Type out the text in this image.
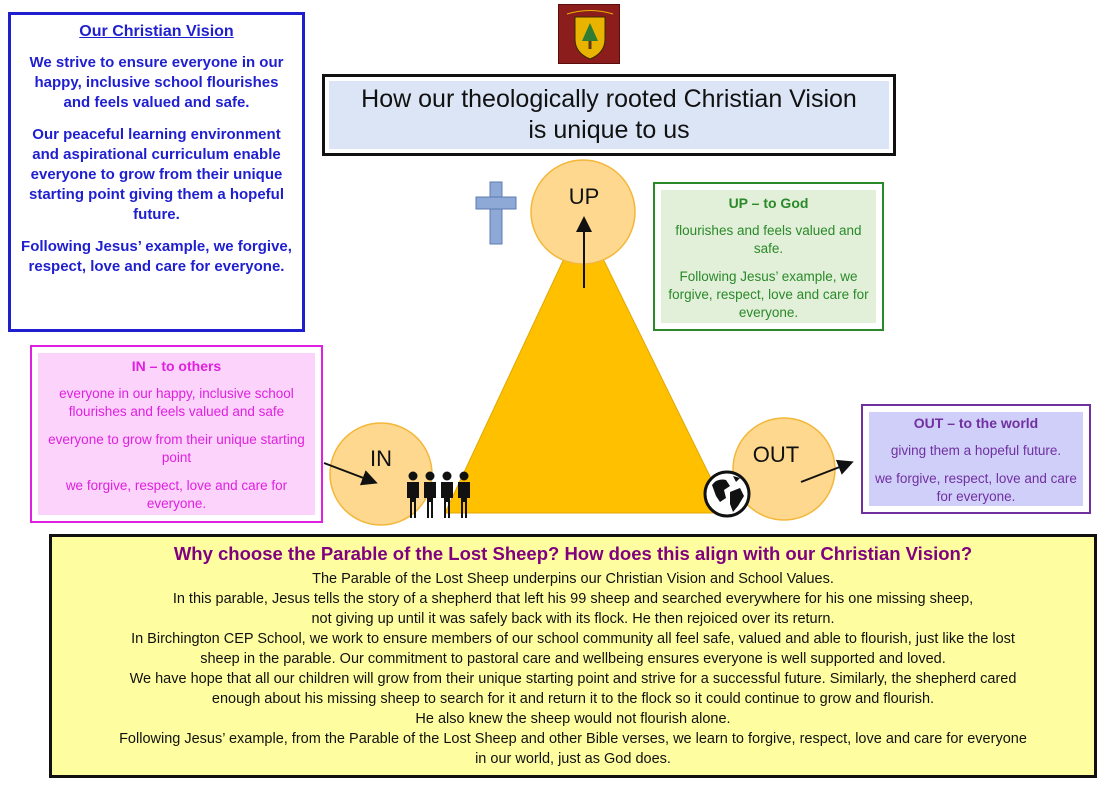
Our Christian Vision

We strive to ensure everyone in our happy, inclusive school flourishes and feels valued and safe.

Our peaceful learning environment and aspirational curriculum enable everyone to grow from their unique starting point giving them a hopeful future.

Following Jesus’ example, we forgive, respect, love and care for everyone.

How our theologically rooted Christian Vision
is unique to us
UP
IN	OUT
UP – to God

flourishes and feels valued and safe.

Following Jesus’ example, we forgive, respect, love and care for everyone.

IN – to others

everyone in our happy, inclusive school flourishes and feels valued and safe

everyone to grow from their unique starting point

we forgive, respect, love and care for everyone.

OUT – to the world

giving them a hopeful future.

we forgive, respect, love and care for everyone.

Why choose the Parable of the Lost Sheep? How does this align with our Christian Vision?
The Parable of the Lost Sheep underpins our Christian Vision and School Values.
In this parable, Jesus tells the story of a shepherd that left his 99 sheep and searched everywhere for his one missing sheep,
not giving up until it was safely back with its flock. He then rejoiced over its return.
In Birchington CEP School, we work to ensure members of our school community all feel safe, valued and able to flourish, just like the lost
sheep in the parable. Our commitment to pastoral care and wellbeing ensures everyone is well supported and loved.
We have hope that all our children will grow from their unique starting point and strive for a successful future. Similarly, the shepherd cared
enough about his missing sheep to search for it and return it to the flock so it could continue to grow and flourish.
He also knew the sheep would not flourish alone.
Following Jesus’ example, from the Parable of the Lost Sheep and other Bible verses, we learn to forgive, respect, love and care for everyone
in our world, just as God does.
